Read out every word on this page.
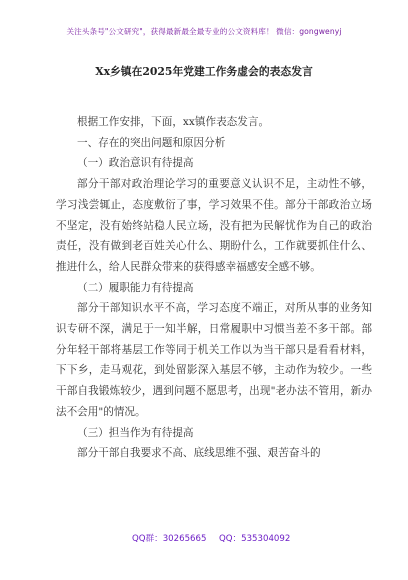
关注头条号"公文研究"，获得最新最全最专业的公文资料库！ 微信：gongwenyj
Xx乡镇在2025年党建工作务虚会的表态发言

根据工作安排，下面，xx镇作表态发言。

一、存在的突出问题和原因分析

（一）政治意识有待提高

部分干部对政治理论学习的重要意义认识不足，主动性不够，学习浅尝辄止，态度敷衍了事，学习效果不佳。部分干部政治立场不坚定，没有始终站稳人民立场，没有把为民解忧作为自己的政治责任，没有做到老百姓关心什么、期盼什么，工作就要抓住什么、推进什么，给人民群众带来的获得感幸福感安全感不够。

（二）履职能力有待提高

部分干部知识水平不高，学习态度不端正，对所从事的业务知识专研不深，满足于一知半解，日常履职中习惯当差不多干部。部分年轻干部将基层工作等同于机关工作以为当干部只是看看材料，下下乡，走马观花，到处留影深入基层不够，主动作为较少。一些干部自我锻炼较少，遇到问题不愿思考，出现"老办法不管用，新办法不会用"的情况。

（三）担当作为有待提高

部分干部自我要求不高、底线思维不强、艰苦奋斗的

QQ群：30265665 QQ：535304092
